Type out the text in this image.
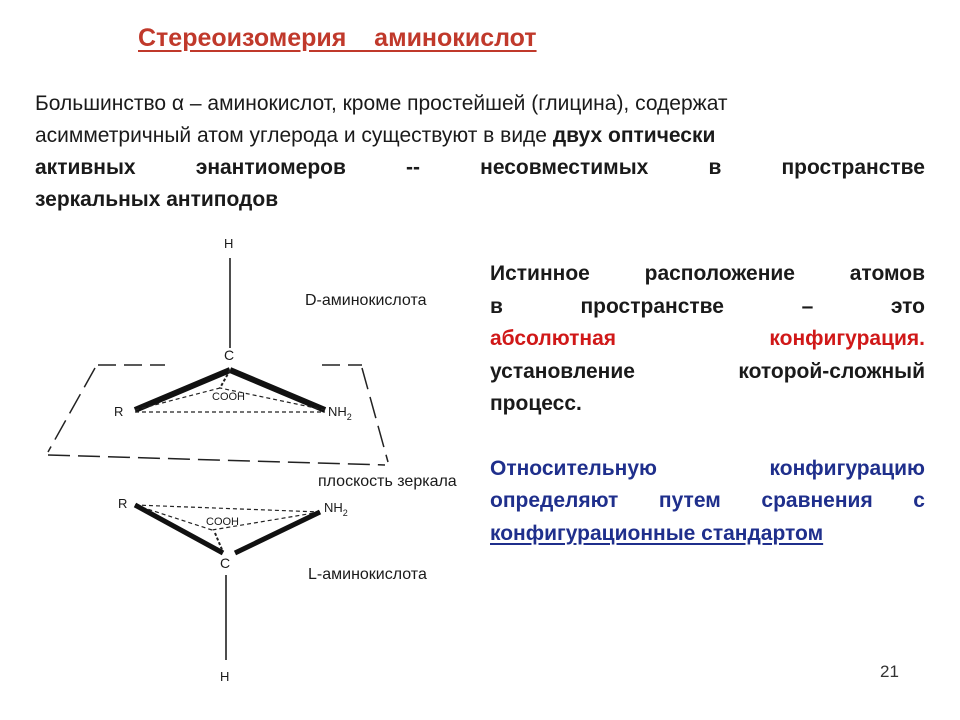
Стереоизомерия    аминокислот
Большинство α – аминокислот, кроме простейшей (глицина), содержат
асимметричный атом углерода и существуют в виде двух оптически
активных энантиомеров -- несовместимых в пространстве
зеркальных антиподов
H
C
COOH
R	$NH_2$
D-аминокислота
плоскость зеркала
R	$NH_2$
COOH
C
H
L-аминокислота
Истинное расположение атомов
в пространстве – это
абсолютная конфигурация.
установление которой-сложный
процесс.
Относительную конфигурацию
определяют путем сравнения с
конфигурационные стандартом
21
